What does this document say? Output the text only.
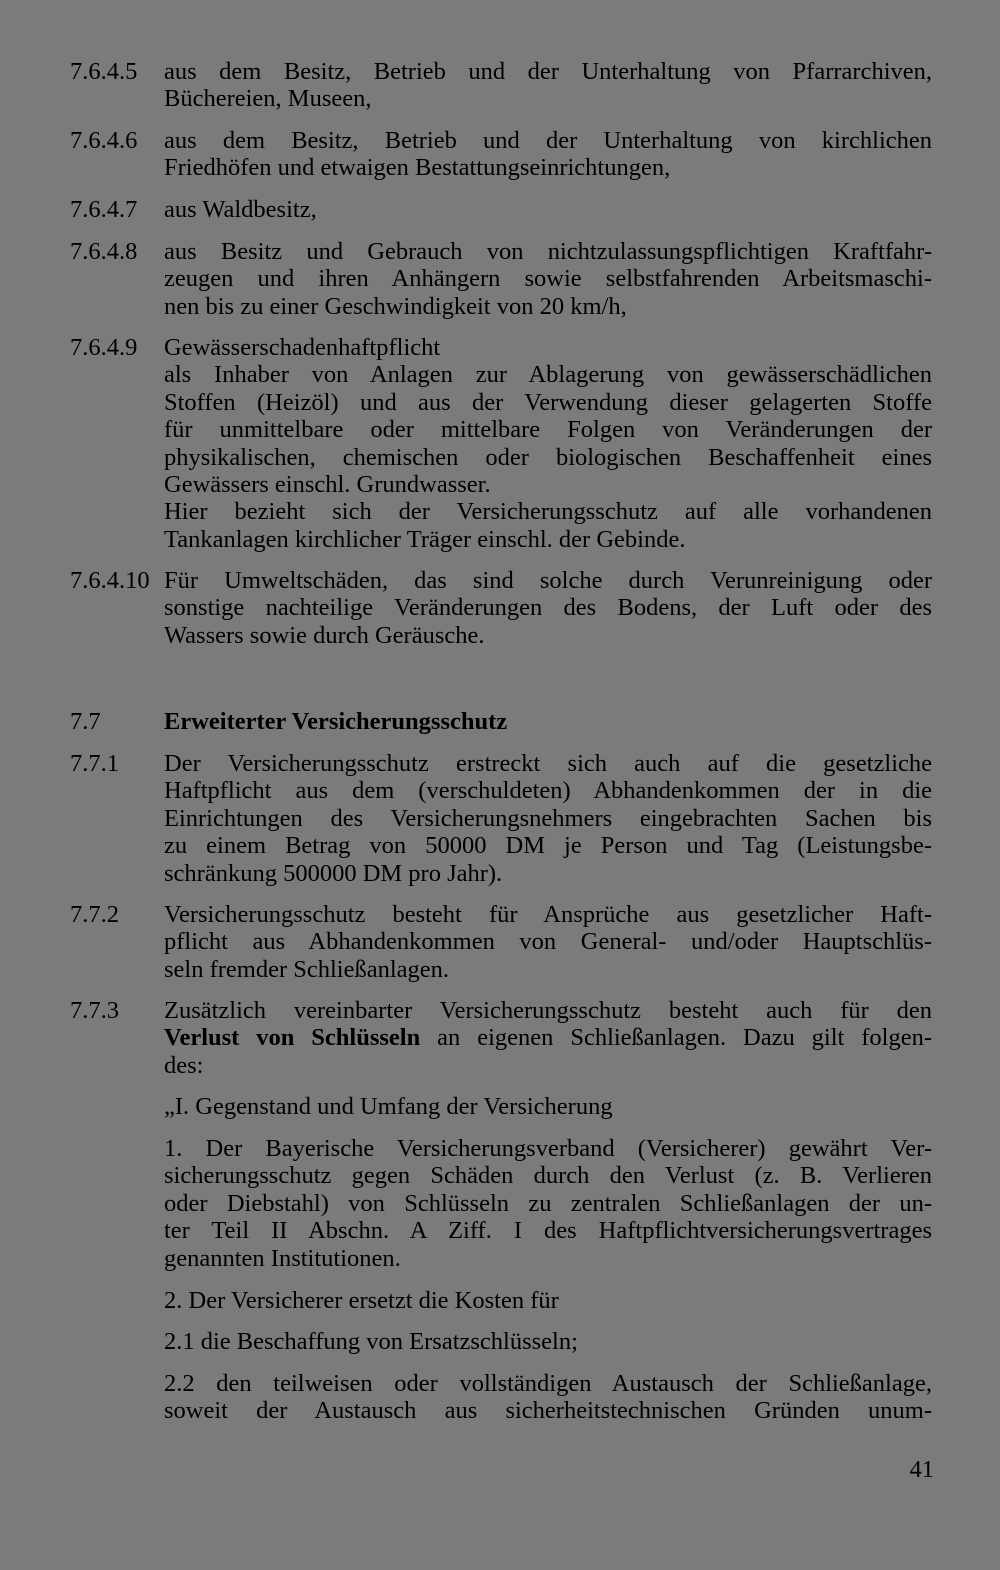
7.6.4.5	aus dem Besitz, Betrieb und der Unterhaltung von Pfarrarchiven,
Büchereien, Museen,
7.6.4.6	aus dem Besitz, Betrieb und der Unterhaltung von kirchlichen
Friedhöfen und etwaigen Bestattungseinrichtungen,
7.6.4.7	aus Waldbesitz,
7.6.4.8	aus Besitz und Gebrauch von nichtzulassungspflichtigen Kraftfahr-
zeugen und ihren Anhängern sowie selbstfahrenden Arbeitsmaschi-
nen bis zu einer Geschwindigkeit von 20 km/h,
7.6.4.9	Gewässerschadenhaftpflicht
als Inhaber von Anlagen zur Ablagerung von gewässerschädlichen
Stoffen (Heizöl) und aus der Verwendung dieser gelagerten Stoffe
für unmittelbare oder mittelbare Folgen von Veränderungen der
physikalischen, chemischen oder biologischen Beschaffenheit eines
Gewässers einschl. Grundwasser.
Hier bezieht sich der Versicherungsschutz auf alle vorhandenen
Tankanlagen kirchlicher Träger einschl. der Gebinde.
7.6.4.10 Für Umweltschäden, das sind solche durch Verunreinigung oder
sonstige nachteilige Veränderungen des Bodens, der Luft oder des
Wassers sowie durch Geräusche.
7.7	Erweiterter Versicherungsschutz
7.7.1	Der Versicherungsschutz erstreckt sich auch auf die gesetzliche
Haftpflicht aus dem (verschuldeten) Abhandenkommen der in die
Einrichtungen des Versicherungsnehmers eingebrachten Sachen bis
zu einem Betrag von 50000 DM je Person und Tag (Leistungsbe-
schränkung 500000 DM pro Jahr).
7.7.2	Versicherungsschutz besteht für Ansprüche aus gesetzlicher Haft-
pflicht aus Abhandenkommen von General- und/oder Hauptschlüs-
seln fremder Schließanlagen.
7.7.3	Zusätzlich vereinbarter Versicherungsschutz besteht auch für den
Verlust von Schlüsseln an eigenen Schließanlagen. Dazu gilt folgen-
des:
„I. Gegenstand und Umfang der Versicherung
1. Der Bayerische Versicherungsverband (Versicherer) gewährt Ver-
sicherungsschutz gegen Schäden durch den Verlust (z. B. Verlieren
oder Diebstahl) von Schlüsseln zu zentralen Schließanlagen der un-
ter Teil II Abschn. A Ziff. I des Haftpflichtversicherungsvertrages
genannten Institutionen.
2. Der Versicherer ersetzt die Kosten für
2.1 die Beschaffung von Ersatzschlüsseln;
2.2 den teilweisen oder vollständigen Austausch der Schließanlage,
soweit der Austausch aus sicherheitstechnischen Gründen unum-
41
